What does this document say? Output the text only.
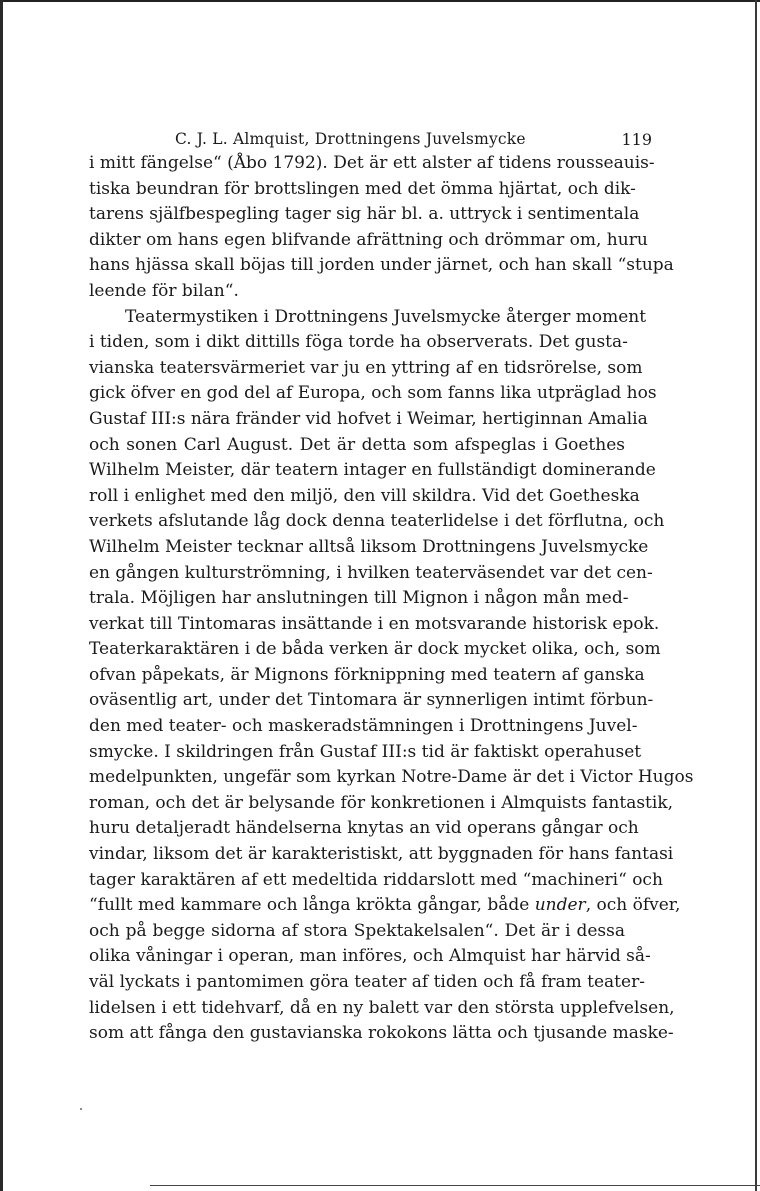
C. J. L. Almquist, Drottningens Juvelsmycke	119
i mitt fängelse“ (Åbo 1792). Det är ett alster af tidens rousseauis-
tiska beundran för brottslingen med det ömma hjärtat, och dik-
tarens själfbespegling tager sig här bl. a. uttryck i sentimentala
dikter om hans egen blifvande afrättning och drömmar om, huru
hans hjässa skall böjas till jorden under järnet, och han skall “stupa
leende för bilan“.
Teatermystiken i Drottningens Juvelsmycke återger moment
i tiden, som i dikt dittills föga torde ha observerats. Det gusta-
vianska teatersvärmeriet var ju en yttring af en tidsrörelse, som
gick öfver en god del af Europa, och som fanns lika utpräglad hos
Gustaf III:s nära fränder vid hofvet i Weimar, hertiginnan Amalia
och sonen Carl August. Det är detta som afspeglas i Goethes
Wilhelm Meister, där teatern intager en fullständigt dominerande
roll i enlighet med den miljö, den vill skildra. Vid det Goetheska
verkets afslutande låg dock denna teaterlidelse i det förflutna, och
Wilhelm Meister tecknar alltså liksom Drottningens Juvelsmycke
en gången kulturströmning, i hvilken teaterväsendet var det cen-
trala. Möjligen har anslutningen till Mignon i någon mån med-
verkat till Tintomaras insättande i en motsvarande historisk epok.
Teaterkaraktären i de båda verken är dock mycket olika, och, som
ofvan påpekats, är Mignons förknippning med teatern af ganska
oväsentlig art, under det Tintomara är synnerligen intimt förbun-
den med teater- och maskeradstämningen i Drottningens Juvel-
smycke. I skildringen från Gustaf III:s tid är faktiskt operahuset
medelpunkten, ungefär som kyrkan Notre-Dame är det i Victor Hugos
roman, och det är belysande för konkretionen i Almquists fantastik,
huru detaljeradt händelserna knytas an vid operans gångar och
vindar, liksom det är karakteristiskt, att byggnaden för hans fantasi
tager karaktären af ett medeltida riddarslott med “machineri“ och
“fullt med kammare och långa krökta gångar, både under, och öfver,
och på begge sidorna af stora Spektakelsalen“. Det är i dessa
olika våningar i operan, man införes, och Almquist har härvid så-
väl lyckats i pantomimen göra teater af tiden och få fram teater-
lidelsen i ett tidehvarf, då en ny balett var den största upplefvelsen,
som att fånga den gustavianska rokokons lätta och tjusande maske-
